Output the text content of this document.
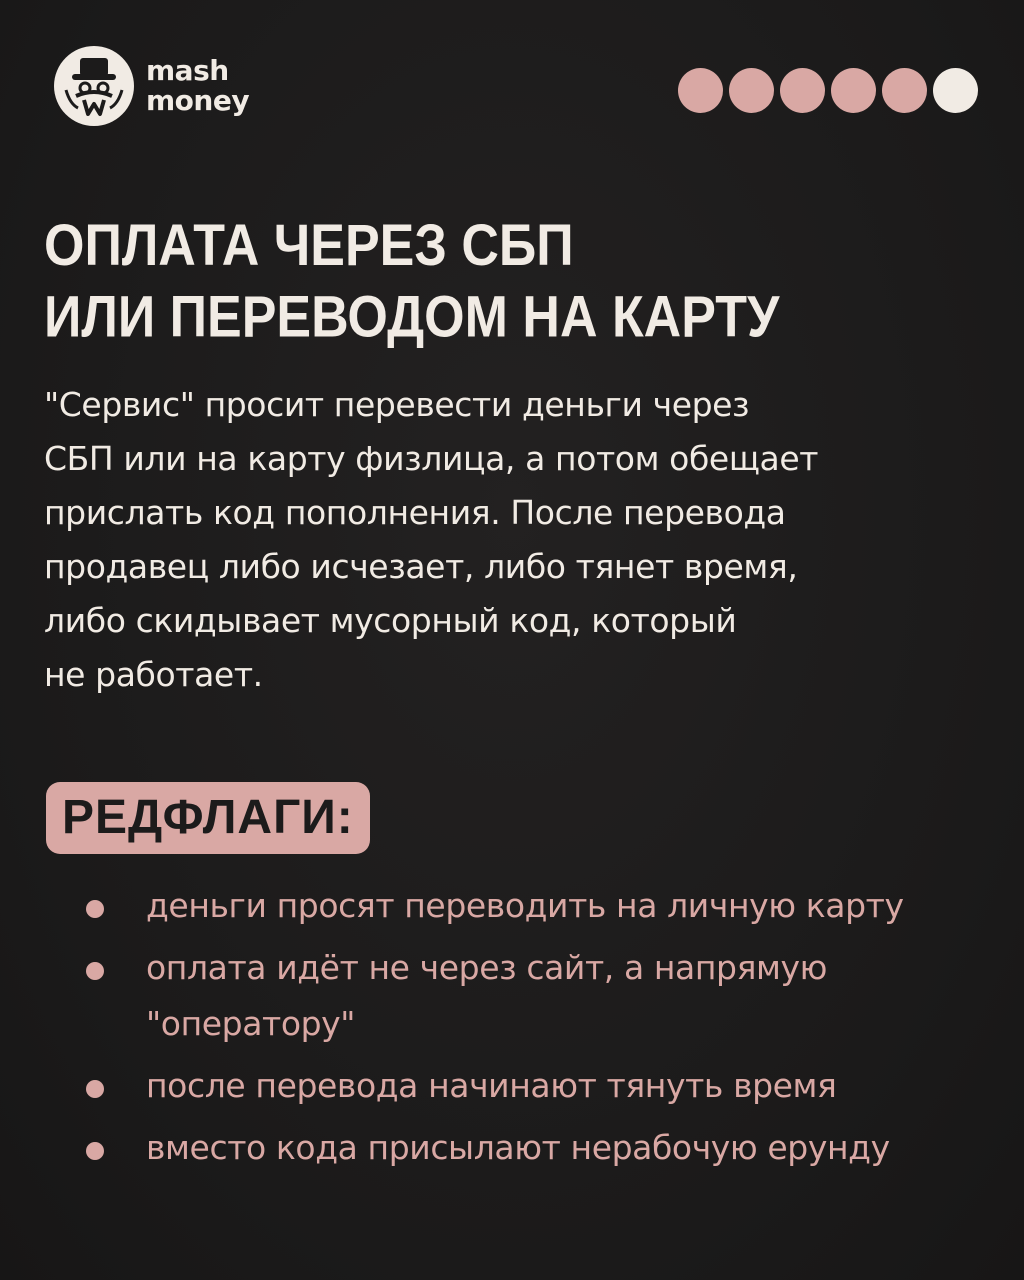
mash
money
ОПЛАТА ЧЕРЕЗ СБП
ИЛИ ПЕРЕВОДОМ НА КАРТУ
"Сервис" просит перевести деньги через
СБП или на карту физлица, а потом обещает
прислать код пополнения. После перевода
продавец либо исчезает, либо тянет время,
либо скидывает мусорный код, который
не работает.
РЕДФЛАГИ:
деньги просят переводить на личную карту
оплата идёт не через сайт, а напрямую
"оператору"
после перевода начинают тянуть время
вместо кода присылают нерабочую ерунду
